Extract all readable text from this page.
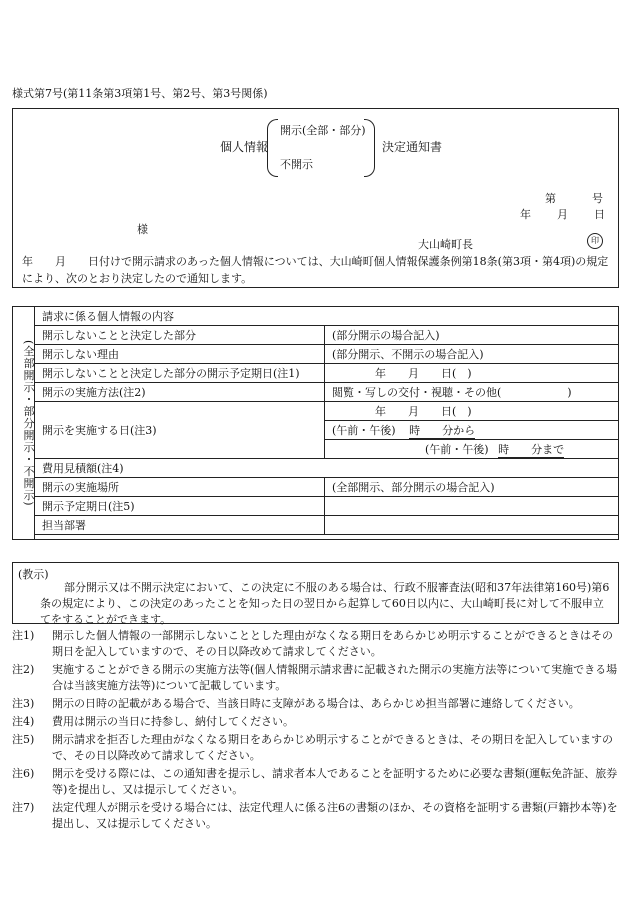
様式第7号(第11条第3項第1号、第2号、第3号関係)
個人情報
開示(全部・部分)
不開示
決定通知書
第	号
年 月 日
様
大山崎町長	印
年　　月　　日付けで開示請求のあった個人情報については、大山崎町個人情報保護条例第18条(第3項・第4項)の規定により、次のとおり決定したので通知します。
(全部開示・部分開示・不開示)	請求に係る個人情報の内容	
	開示しないことと決定した部分	(部分開示の場合記入)
	開示しない理由	(部分開示、不開示の場合記入)
	開示しないことと決定した部分の開示予定期日(注1)	年　　月　　日(　)
	開示の実施方法(注2)	閲覧・写しの交付・視聴・その他(　　　　　　)
	開示を実施する日(注3)	年　　月　　日(　)
		(午前・午後) 時　　分から
		(午前・午後) 時　　分まで
	費用見積額(注4)	
	開示の実施場所	(全部開示、部分開示の場合記入)
	開示予定期日(注5)	
	担当部署	

(教示)
部分開示又は不開示決定において、この決定に不服のある場合は、行政不服審査法(昭和37年法律第160号)第6条の規定により、この決定のあったことを知った日の翌日から起算して60日以内に、大山崎町長に対して不服申立てをすることができます。
注1)	開示した個人情報の一部開示しないこととした理由がなくなる期日をあらかじめ明示することができるときはその期日を記入していますので、その日以降改めて請求してください。
注2)	実施することができる開示の実施方法等(個人情報開示請求書に記載された開示の実施方法等について実施できる場合は当該実施方法等)について記載しています。
注3)	開示の日時の記載がある場合で、当該日時に支障がある場合は、あらかじめ担当部署に連絡してください。
注4)	費用は開示の当日に持参し、納付してください。
注5)	開示請求を拒否した理由がなくなる期日をあらかじめ明示することができるときは、その期日を記入していますので、その日以降改めて請求してください。
注6)	開示を受ける際には、この通知書を提示し、請求者本人であることを証明するために必要な書類(運転免許証、旅券等)を提出し、又は提示してください。
注7)	法定代理人が開示を受ける場合には、法定代理人に係る注6の書類のほか、その資格を証明する書類(戸籍抄本等)を提出し、又は提示してください。
